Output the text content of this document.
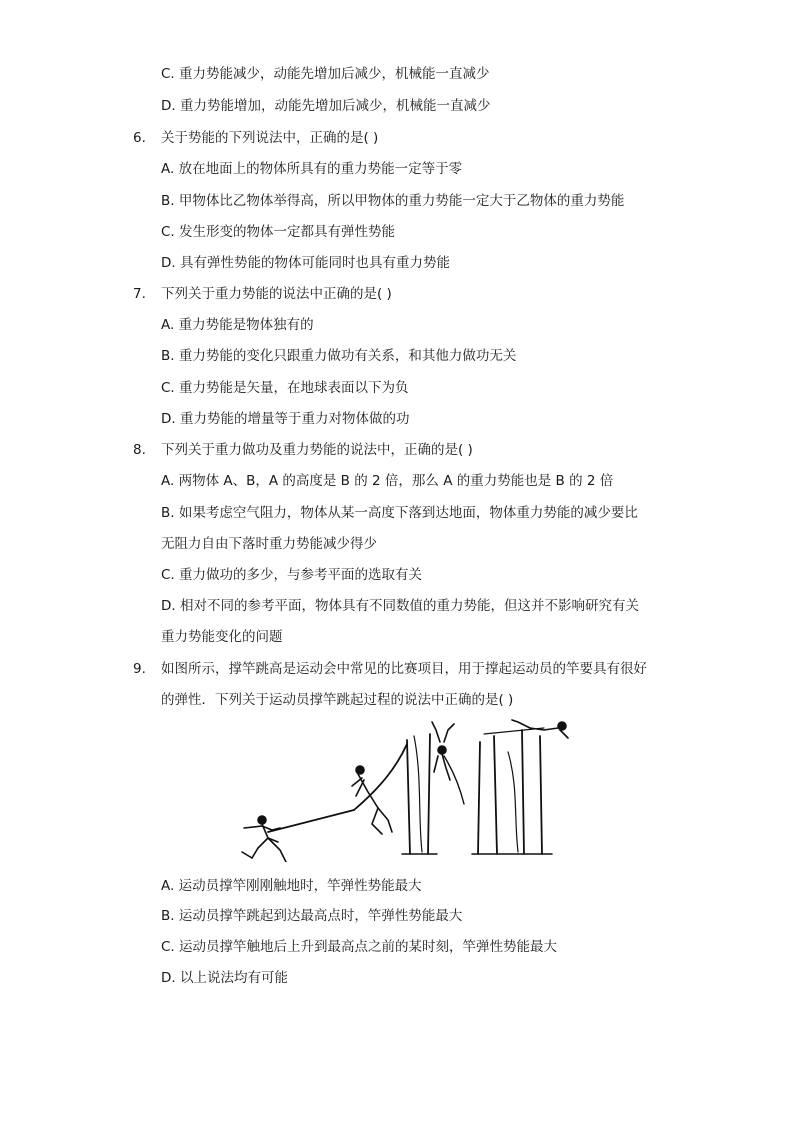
C. 重力势能减少，动能先增加后减少，机械能一直减少
D. 重力势能增加，动能先增加后减少，机械能一直减少
6. 关于势能的下列说法中，正确的是( )
A. 放在地面上的物体所具有的重力势能一定等于零
B. 甲物体比乙物体举得高，所以甲物体的重力势能一定大于乙物体的重力势能
C. 发生形变的物体一定都具有弹性势能
D. 具有弹性势能的物体可能同时也具有重力势能
7. 下列关于重力势能的说法中正确的是( )
A. 重力势能是物体独有的
B. 重力势能的变化只跟重力做功有关系，和其他力做功无关
C. 重力势能是矢量，在地球表面以下为负
D. 重力势能的增量等于重力对物体做的功
8. 下列关于重力做功及重力势能的说法中，正确的是( )
A. 两物体 A、B，A 的高度是 B 的 2 倍，那么 A 的重力势能也是 B 的 2 倍
B. 如果考虑空气阻力，物体从某一高度下落到达地面，物体重力势能的减少要比
无阻力自由下落时重力势能减少得少
C. 重力做功的多少，与参考平面的选取有关
D. 相对不同的参考平面，物体具有不同数值的重力势能，但这并不影响研究有关
重力势能变化的问题
9. 如图所示，撑竿跳高是运动会中常见的比赛项目，用于撑起运动员的竿要具有很好
的弹性．下列关于运动员撑竿跳起过程的说法中正确的是( )
A. 运动员撑竿刚刚触地时，竿弹性势能最大
B. 运动员撑竿跳起到达最高点时，竿弹性势能最大
C. 运动员撑竿触地后上升到最高点之前的某时刻，竿弹性势能最大
D. 以上说法均有可能
